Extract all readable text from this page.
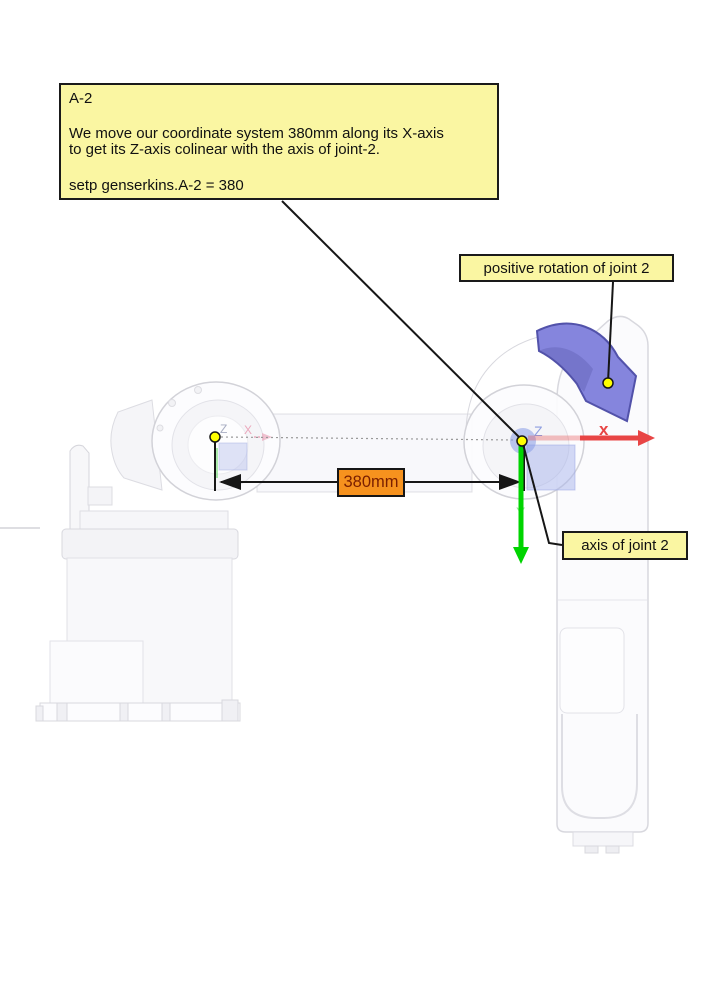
Z X	Z	x
Y
A-2
We move our coordinate system 380mm along its X-axis
to get its Z-axis colinear with the axis of joint-2.
setp genserkins.A-2 = 380
positive rotation of joint 2
axis of joint 2
380mm
